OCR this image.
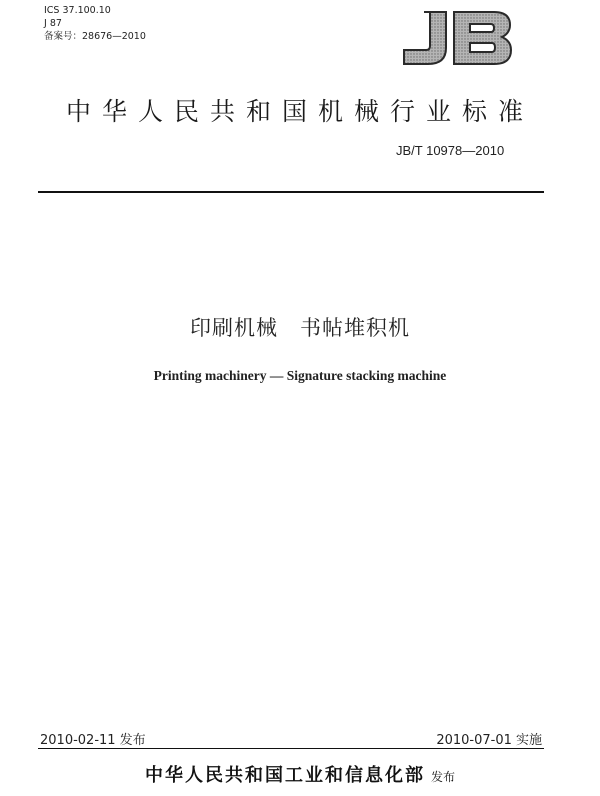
ICS 37.100.10
J 87
备案号：28676—2010
中华人民共和国机械行业标准
JB/T 10978—2010
印刷机械　书帖堆积机
Printing machinery — Signature stacking machine
2010-02-11 发布	2010-07-01 实施
中华人民共和国工业和信息化部 发布
